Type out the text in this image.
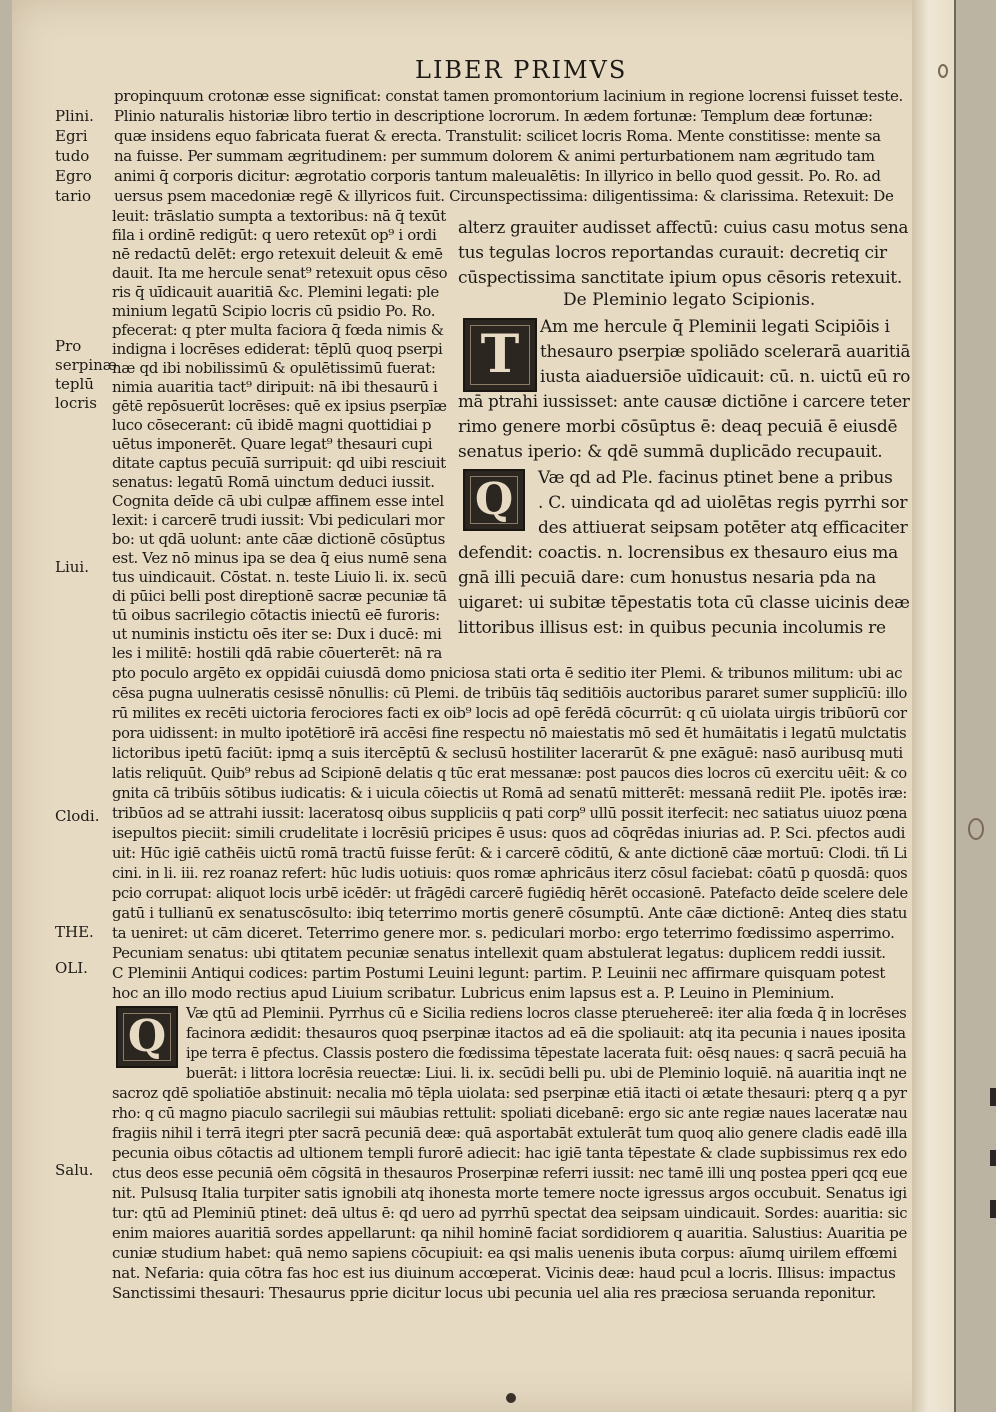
LIBER PRIMVS
Plini.
Egri
tudo
Egro
tario
Pro
serpinæ
teplū
locris
Liui.
Clodi.
THE.
OLI.
Salu.
propinquum crotonæ esse significat: constat tamen promontorium lacinium in regione locrensi fuisset teste.
Plinio naturalis historiæ libro tertio in descriptione locrorum. In ædem fortunæ: Templum deæ fortunæ:
quæ insidens equo fabricata fuerat & erecta. Transtulit: scilicet locris Roma. Mente constitisse: mente sa
na fuisse. Per summam ægritudinem: per summum dolorem & animi perturbationem nam ægritudo tam
animi q̄ corporis dicitur: ægrotatio corporis tantum maleualētis: In illyrico in bello quod gessit. Po. Ro. ad
uersus psem macedoniæ regē & illyricos fuit. Circunspectissima: diligentissima: & clarissima. Retexuit: De
leuit: trāslatio sumpta a textoribus: nā q̄ texūt
fila i ordinē redigūt: q uero retexūt op⁹ i ordi
nē redactū delēt: ergo retexuit deleuit & emē
dauit. Ita me hercule senat⁹ retexuit opus cēso
ris q̄ uīdicauit auaritiā &c. Plemini legati: ple
minium legatū Scipio locris cū psidio Po. Ro.
pfecerat: q pter multa faciora q̄ fœda nimis &
indigna i locrēses ediderat: tēplū quoq pserpi
næ qd ibi nobilissimū & opulētissimū fuerat:
nimia auaritia tact⁹ diripuit: nā ibi thesaurū i
gētē repōsuerūt locrēses: quē ex ipsius pserpīæ
luco cōsecerant: cū ibidē magni quottidiai p
uētus imponerēt. Quare legat⁹ thesauri cupi
ditate captus pecuīā surripuit: qd uibi resciuit
senatus: legatū Romā uinctum deduci iussit.
Cognita deīde cā ubi culpæ affinem esse intel
lexit: i carcerē trudi iussit: Vbi pediculari mor
bo: ut qdā uolunt: ante cāæ dictionē cōsūptus
est. Vez nō minus ipa se dea q̄ eius numē sena
tus uindicauit. Cōstat. n. teste Liuio li. ix. secū
di pūici belli post direptionē sacræ pecuniæ tā
tū oibus sacrilegio cōtactis iniectū eē furoris:
ut numinis instictu oēs iter se: Dux i ducē: mi
les i militē: hostili qdā rabie cōuerterēt: nā ra
alterz grauiter audisset affectū: cuius casu motus sena
tus tegulas locros reportandas curauit: decretiq cir
cūspectissima sanctitate ipium opus cēsoris retexuit.
De Pleminio legato Scipionis.
T Am me hercule q̄ Pleminii legati Scipiōis i
thesauro pserpiæ spoliādo scelerarā auaritiā
iusta aiaduersiōe uīdicauit: cū. n. uictū eū ro
mā ptrahi iussisset: ante causæ dictiōne i carcere teter
rimo genere morbi cōsūptus ē: deaq pecuiā ē eiusdē
senatus iperio: & qdē summā duplicādo recupauit.
Q Væ qd ad Ple. facinus ptinet bene a pribus
. C. uindicata qd ad uiolētas regis pyrrhi sor
des attiuerat seipsam potēter atq efficaciter
defendit: coactis. n. locrensibus ex thesauro eius ma
gnā illi pecuiā dare: cum honustus nesaria pda na
uigaret: ui subitæ tēpestatis tota cū classe uicinis deæ
littoribus illisus est: in quibus pecunia incolumis re
pto poculo argēto ex oppidāi cuiusdā domo pniciosa stati orta ē seditio iter Plemi. & tribunos militum: ubi ac
cēsa pugna uulneratis cesissē nōnullis: cū Plemi. de tribūis tāq seditiōis auctoribus pararet sumer supplicīū: illo
rū milites ex recēti uictoria ferociores facti ex oib⁹ locis ad opē ferēdā cōcurrūt: q cū uiolata uirgis tribūorū cor
pora uidissent: in multo ipotētiorē irā accēsi fine respectu nō maiestatis mō sed ēt humāitatis i legatū mulctatis
lictoribus ipetū faciūt: ipmq a suis itercēptū & seclusū hostiliter lacerarūt & pne exāguē: nasō auribusq muti
latis reliquūt. Quib⁹ rebus ad Scipionē delatis q tūc erat messanæ: post paucos dies locros cū exercitu uēit: & co
gnita cā tribūis sōtibus iudicatis: & i uicula cōiectis ut Romā ad senatū mitterēt: messanā rediit Ple. ipotēs iræ:
tribūos ad se attrahi iussit: laceratosq oibus suppliciis q pati corp⁹ ullū possit iterfecit: nec satiatus uiuoz pœna
isepultos pieciit: simili crudelitate i locrēsiū pricipes ē usus: quos ad cōqrēdas iniurias ad. P. Sci. pfectos audi
uit: Hūc igiē cathēis uictū romā tractū fuisse ferūt: & i carcerē cōditū, & ante dictionē cāæ mortuū: Clodi. tñ Li
cini. in li. iii. rez roanaz refert: hūc ludis uotiuis: quos romæ aphricāus iterz cōsul faciebat: cōatū p quosdā: quos
pcio corrupat: aliquot locis urbē icēdēr: ut frāgēdi carcerē fugiēdiq hērēt occasionē. Patefacto deīde scelere dele
gatū i tullianū ex senatuscōsulto: ibiq teterrimo mortis generē cōsumptū. Ante cāæ dictionē: Anteq dies statu
ta ueniret: ut cām diceret. Teterrimo genere mor. s. pediculari morbo: ergo teterrimo fœdissimo asperrimo.
Pecuniam senatus: ubi qtitatem pecuniæ senatus intellexit quam abstulerat legatus: duplicem reddi iussit.
C Pleminii Antiqui codices: partim Postumi Leuini legunt: partim. P. Leuinii nec affirmare quisquam potest
hoc an illo modo rectius apud Liuium scribatur. Lubricus enim lapsus est a. P. Leuino in Pleminium.
Q Væ qtū ad Pleminii. Pyrrhus cū e Sicilia rediens locros classe pteruehereē: iter alia fœda q̄ in locrēses
facinora ædidit: thesauros quoq pserpinæ itactos ad eā die spoliauit: atq ita pecunia i naues iposita
ipe terra ē pfectus. Classis postero die fœdissima tēpestate lacerata fuit: oēsq naues: q sacrā pecuiā ha
buerāt: i littora locrēsia reuectæ: Liui. li. ix. secūdi belli pu. ubi de Pleminio loquiē. nā auaritia inqt ne
sacroz qdē spoliatiōe abstinuit: necalia mō tēpla uiolata: sed pserpinæ etiā itacti oi ætate thesauri: pterq q a pyr
rho: q cū magno piaculo sacrilegii sui māubias rettulit: spoliati dicebanē: ergo sic ante regiæ naues laceratæ nau
fragiis nihil i terrā itegri pter sacrā pecuniā deæ: quā asportabāt extulerāt tum quoq alio genere cladis eadē illa
pecunia oibus cōtactis ad ultionem templi furorē adiecit: hac igiē tanta tēpestate & clade supbissimus rex edo
ctus deos esse pecuniā oēm cōgsitā in thesauros Proserpinæ referri iussit: nec tamē illi unq postea pperi qcq eue
nit. Pulsusq Italia turpiter satis ignobili atq ihonesta morte temere nocte igressus argos occubuit. Senatus igi
tur: qtū ad Pleminiū ptinet: deā ultus ē: qd uero ad pyrrhū spectat dea seipsam uindicauit. Sordes: auaritia: sic
enim maiores auaritiā sordes appellarunt: qa nihil hominē faciat sordidiorem q auaritia. Salustius: Auaritia pe
cuniæ studium habet: quā nemo sapiens cōcupiuit: ea qsi malis uenenis ibuta corpus: aīumq uirilem effœmi
nat. Nefaria: quia cōtra fas hoc est ius diuinum accœperat. Vicinis deæ: haud pcul a locris. Illisus: impactus
Sanctissimi thesauri: Thesaurus pprie dicitur locus ubi pecunia uel alia res præciosa seruanda reponitur.
